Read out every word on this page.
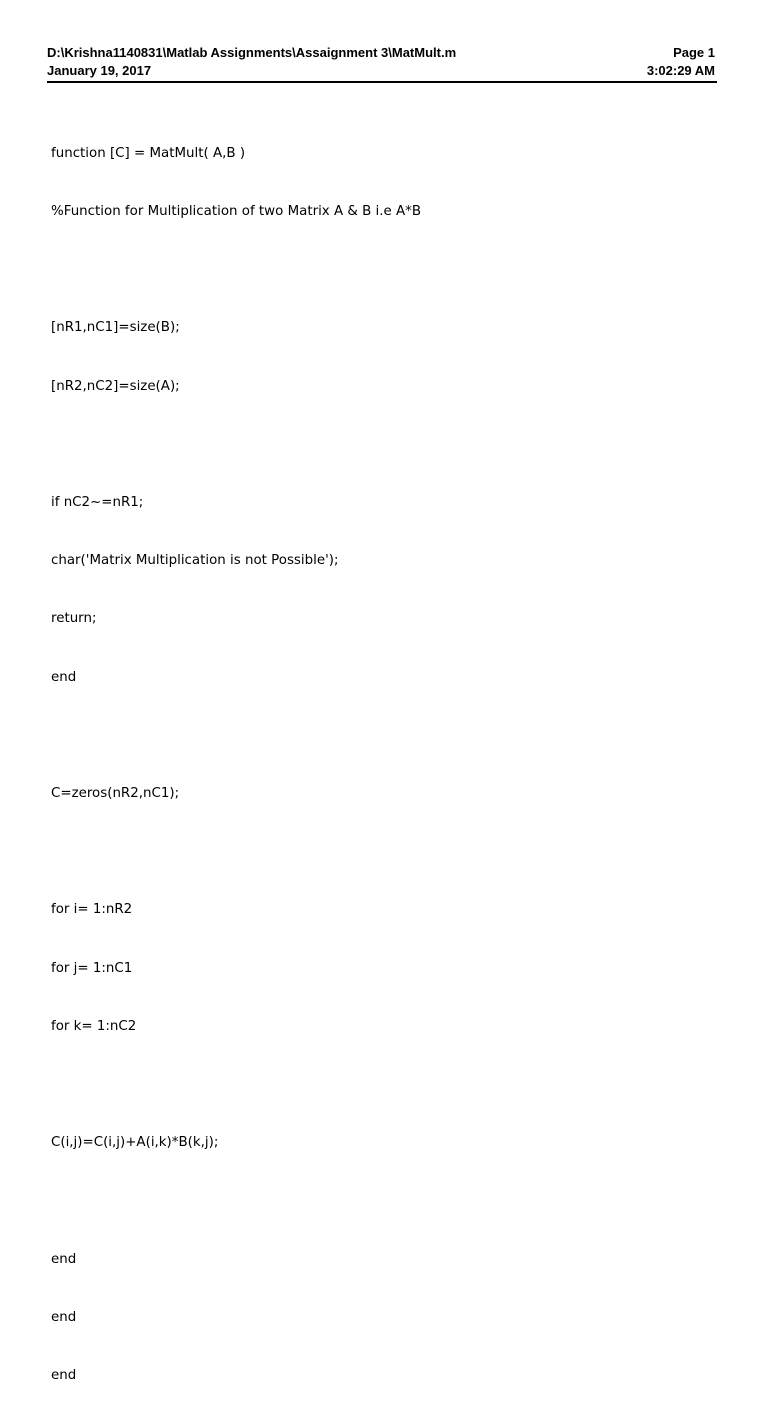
D:\Krishna1140831\Matlab Assignments\Assaignment 3\MatMult.m	Page 1
January 19, 2017	3:02:29 AM

function [C] = MatMult( A,B )

%Function for Multiplication of two Matrix A & B i.e A*B

[nR1,nC1]=size(B);

[nR2,nC2]=size(A);

if nC2~=nR1;

char('Matrix Multiplication is not Possible');

return;

end

C=zeros(nR2,nC1);

for i= 1:nR2

for j= 1:nC1

for k= 1:nC2

C(i,j)=C(i,j)+A(i,k)*B(k,j);

end

end

end
